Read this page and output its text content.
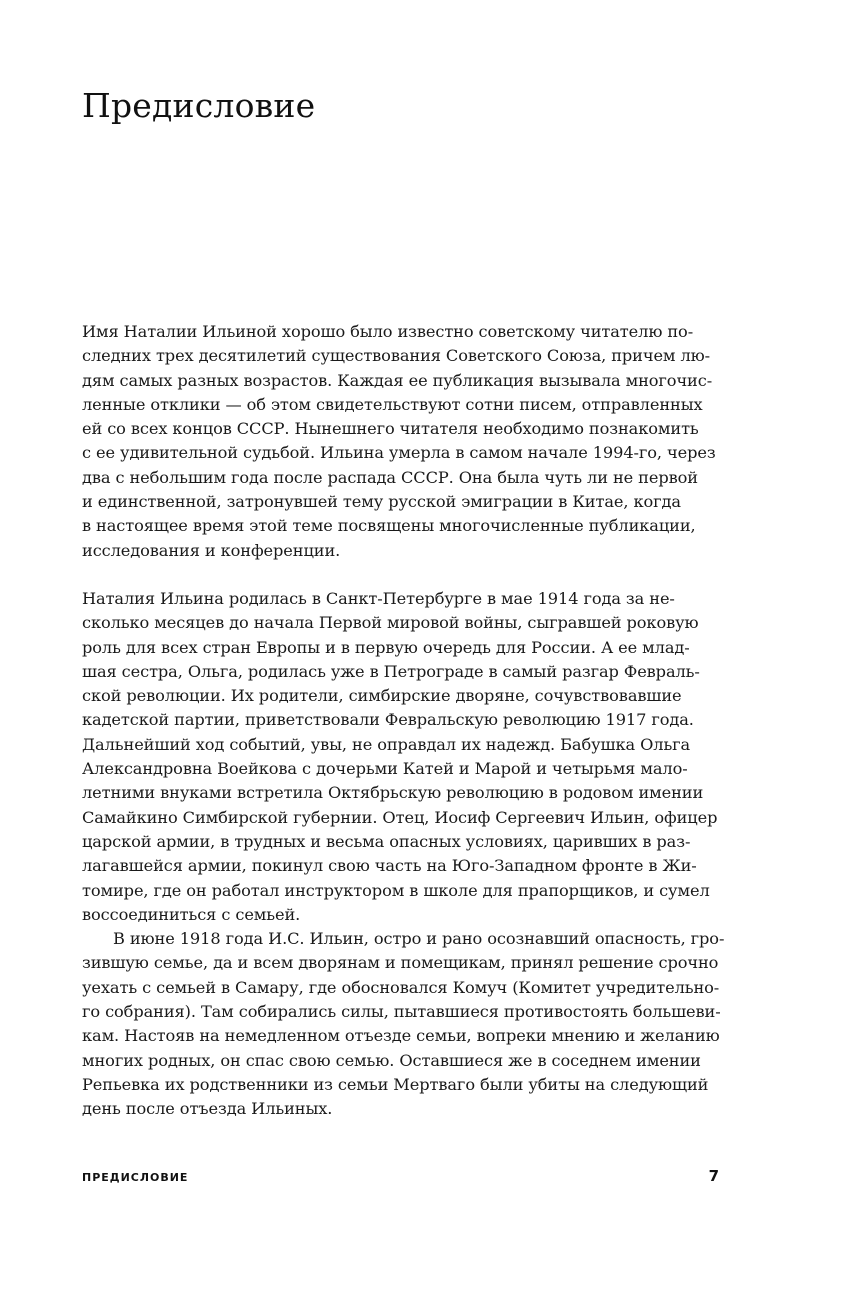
Предисловие
Имя Наталии Ильиной хорошо было известно советскому читателю по-
следних трех десятилетий существования Советского Союза, причем лю-
дям самых разных возрастов. Каждая ее публикация вызывала многочис-
ленные отклики — об этом свидетельствуют сотни писем, отправленных
ей со всех концов СССР. Нынешнего читателя необходимо познакомить
с ее удивительной судьбой. Ильина умерла в самом начале 1994-го, через
два с небольшим года после распада СССР. Она была чуть ли не первой
и единственной, затронувшей тему русской эмиграции в Китае, когда
в настоящее время этой теме посвящены многочисленные публикации,
исследования и конференции.
Наталия Ильина родилась в Санкт-Петербурге в мае 1914 года за не-
сколько месяцев до начала Первой мировой войны, сыгравшей роковую
роль для всех стран Европы и в первую очередь для России. А ее млад-
шая сестра, Ольга, родилась уже в Петрограде в самый разгар Февраль-
ской революции. Их родители, симбирские дворяне, сочувствовавшие
кадетской партии, приветствовали Февральскую революцию 1917 года.
Дальнейший ход событий, увы, не оправдал их надежд. Бабушка Ольга
Александровна Воейкова с дочерьми Катей и Марой и четырьмя мало-
летними внуками встретила Октябрьскую революцию в родовом имении
Самайкино Симбирской губернии. Отец, Иосиф Сергеевич Ильин, офицер
царской армии, в трудных и весьма опасных условиях, царивших в раз-
лагавшейся армии, покинул свою часть на Юго-Западном фронте в Жи-
томире, где он работал инструктором в школе для прапорщиков, и сумел
воссоединиться с семьей.
В июне 1918 года И.С. Ильин, остро и рано осознавший опасность, гро-
зившую семье, да и всем дворянам и помещикам, принял решение срочно
уехать с семьей в Самару, где обосновался Комуч (Комитет учредительно-
го собрания). Там собирались силы, пытавшиеся противостоять большеви-
кам. Настояв на немедленном отъезде семьи, вопреки мнению и желанию
многих родных, он спас свою семью. Оставшиеся же в соседнем имении
Репьевка их родственники из семьи Мертваго были убиты на следующий
день после отъезда Ильиных.
ПРЕДИСЛОВИЕ	7
